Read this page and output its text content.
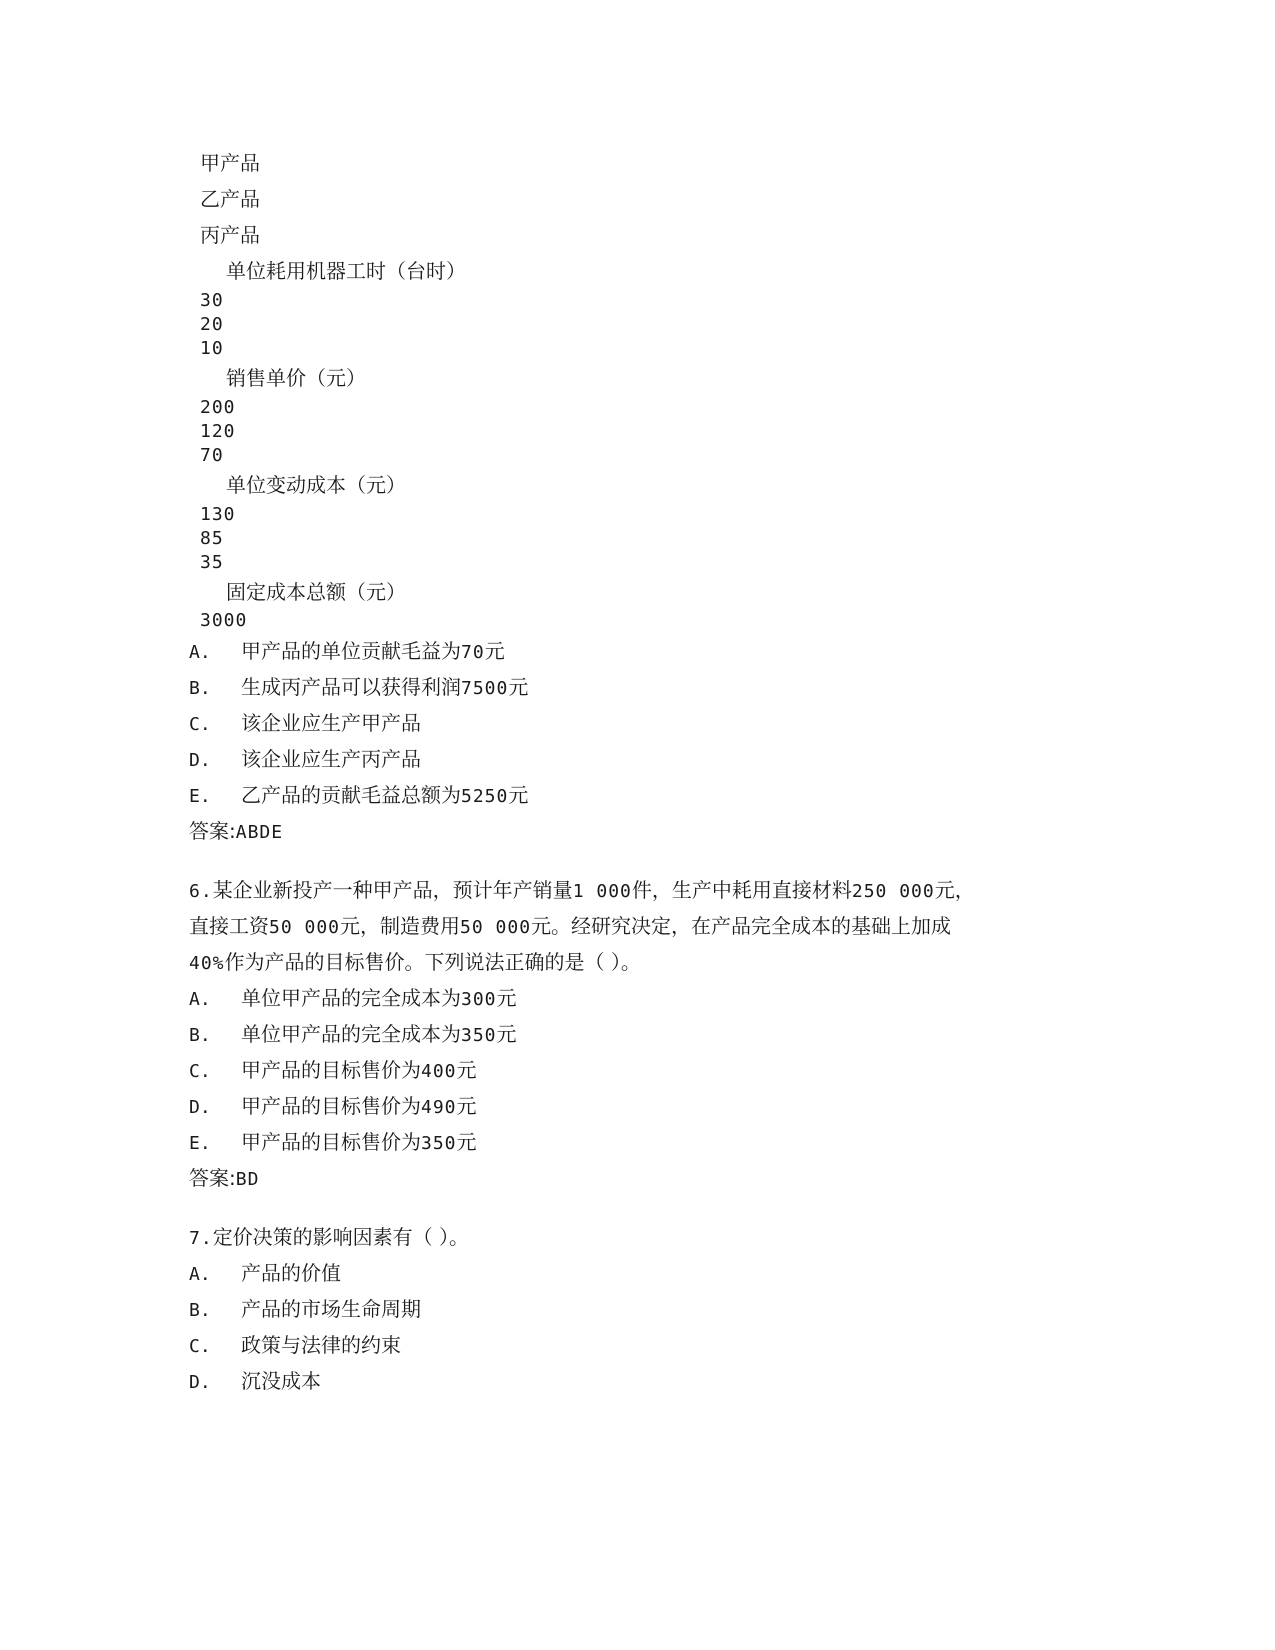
甲产品
乙产品
丙产品
单位耗用机器工时（台时）
30
20
10
销售单价（元）
200
120
70
单位变动成本（元）
130
85
35
固定成本总额（元）
3000
A. 甲产品的单位贡献毛益为70元
B. 生成丙产品可以获得利润7500元
C. 该企业应生产甲产品
D. 该企业应生产丙产品
E. 乙产品的贡献毛益总额为5250元
答案:ABDE
6.某企业新投产一种甲产品，预计年产销量1 000件，生产中耗用直接材料250 000元，
直接工资50 000元，制造费用50 000元。经研究决定，在产品完全成本的基础上加成
40%作为产品的目标售价。下列说法正确的是（ ）。
A. 单位甲产品的完全成本为300元
B. 单位甲产品的完全成本为350元
C. 甲产品的目标售价为400元
D. 甲产品的目标售价为490元
E. 甲产品的目标售价为350元
答案:BD
7.定价决策的影响因素有（ ）。
A. 产品的价值
B. 产品的市场生命周期
C. 政策与法律的约束
D. 沉没成本
